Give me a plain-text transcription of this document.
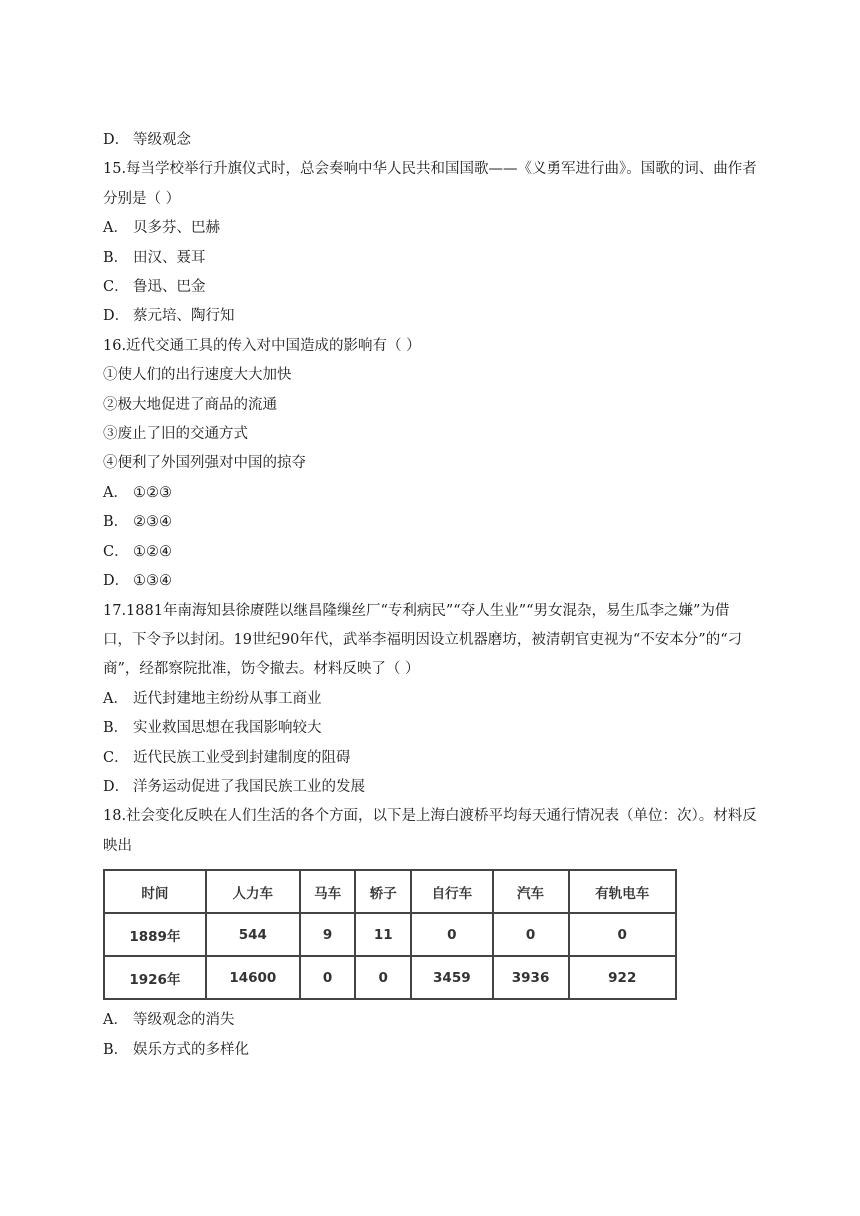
D． 等级观念
15.每当学校举行升旗仪式时，总会奏响中华人民共和国国歌——《义勇军进行曲》。国歌的词、曲作者分别是（ ）
A． 贝多芬、巴赫
B． 田汉、聂耳
C． 鲁迅、巴金
D． 蔡元培、陶行知
16.近代交通工具的传入对中国造成的影响有（ ）
①使人们的出行速度大大加快
②极大地促进了商品的流通
③废止了旧的交通方式
④便利了外国列强对中国的掠夺
A． ①②③
B． ②③④
C． ①②④
D． ①③④
17.1881年南海知县徐赓陛以继昌隆缫丝厂“专利病民”“夺人生业”“男女混杂，易生瓜李之嫌”为借口，下令予以封闭。19世纪90年代，武举李福明因设立机器磨坊，被清朝官吏视为“不安本分”的“刁商”，经都察院批准，饬令撤去。材料反映了（ ）
A． 近代封建地主纷纷从事工商业
B． 实业救国思想在我国影响较大
C． 近代民族工业受到封建制度的阻碍
D． 洋务运动促进了我国民族工业的发展
18.社会变化反映在人们生活的各个方面，以下是上海白渡桥平均每天通行情况表（单位：次）。材料反映出
时间	人力车	马车	轿子	自行车	汽车	有轨电车
1889年	544	9	11	0	0	0
1926年	14600	0	0	3459	3936	922
A． 等级观念的消失
B． 娱乐方式的多样化
